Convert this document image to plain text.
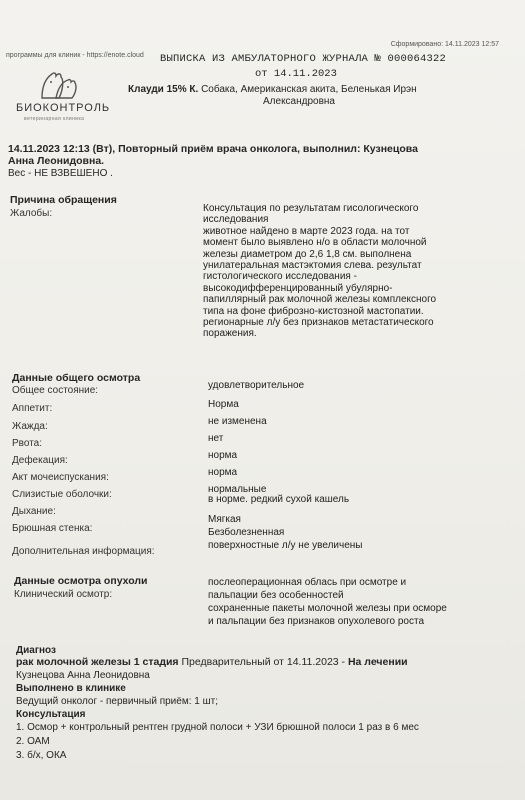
программы для клиник - https://enote.cloud
Сформировано: 14.11.2023 12:57
БИОКОНТРОЛЬ
ветеринарная клиника
ВЫПИСКА ИЗ АМБУЛАТОРНОГО ЖУРНАЛА № 000064322
от 14.11.2023
Клауди 15% К. Собака, Американская акита, Беленькая Ирэн
Александровна
14.11.2023 12:13 (Вт), Повторный приём врача онколога, выполнил: Кузнецова
Анна Леонидовна.
Вес - НЕ ВЗВЕШЕНО .
Причина обращения
Жалобы:	Консультация по результатам гисологического
исследования
животное найдено в марте 2023 года. на тот
момент было выявлено н/о в области молочной
железы диаметром до 2,6 1,8 см. выполнена
унилатеральная мастэктомия слева. результат
гистологического исследования -
высокодифференцированный убулярно-
папиллярный рак молочной железы комплексного
типа на фоне фиброзно-кистозной мастопатии.
регионарные л/у без признаков метастатического
поражения.
Данные общего осмотра
Общее состояние:	удовлетворительное
Аппетит:	Норма
Жажда:	не изменена
Рвота:	нет
Дефекация:	норма
Акт мочеиспускания:	норма
Слизистые оболочки:	нормальные
Дыхание:
в норме. редкий сухой кашель
Брюшная стенка:
Мягкая
Безболезненная
Дополнительная информация:
поверхностные л/у не увеличены
Данные осмотра опухоли
Клинический осмотр:
послеоперационная облась при осмотре и
пальпации без особенностей
сохраненные пакеты молочной железы при осморе
и пальпации без признаков опухолевого роста
Диагноз
рак молочной железы 1 стадия Предварительный от 14.11.2023 - На лечении
Кузнецова Анна Леонидовна
Выполнено в клинике
Ведущий онколог - первичный приём: 1 шт;
Консультация
1. Осмор + контрольный рентген грудной полоси + УЗИ брюшной полоси 1 раз в 6 мес
2. ОАМ
3. б/х, ОКА
